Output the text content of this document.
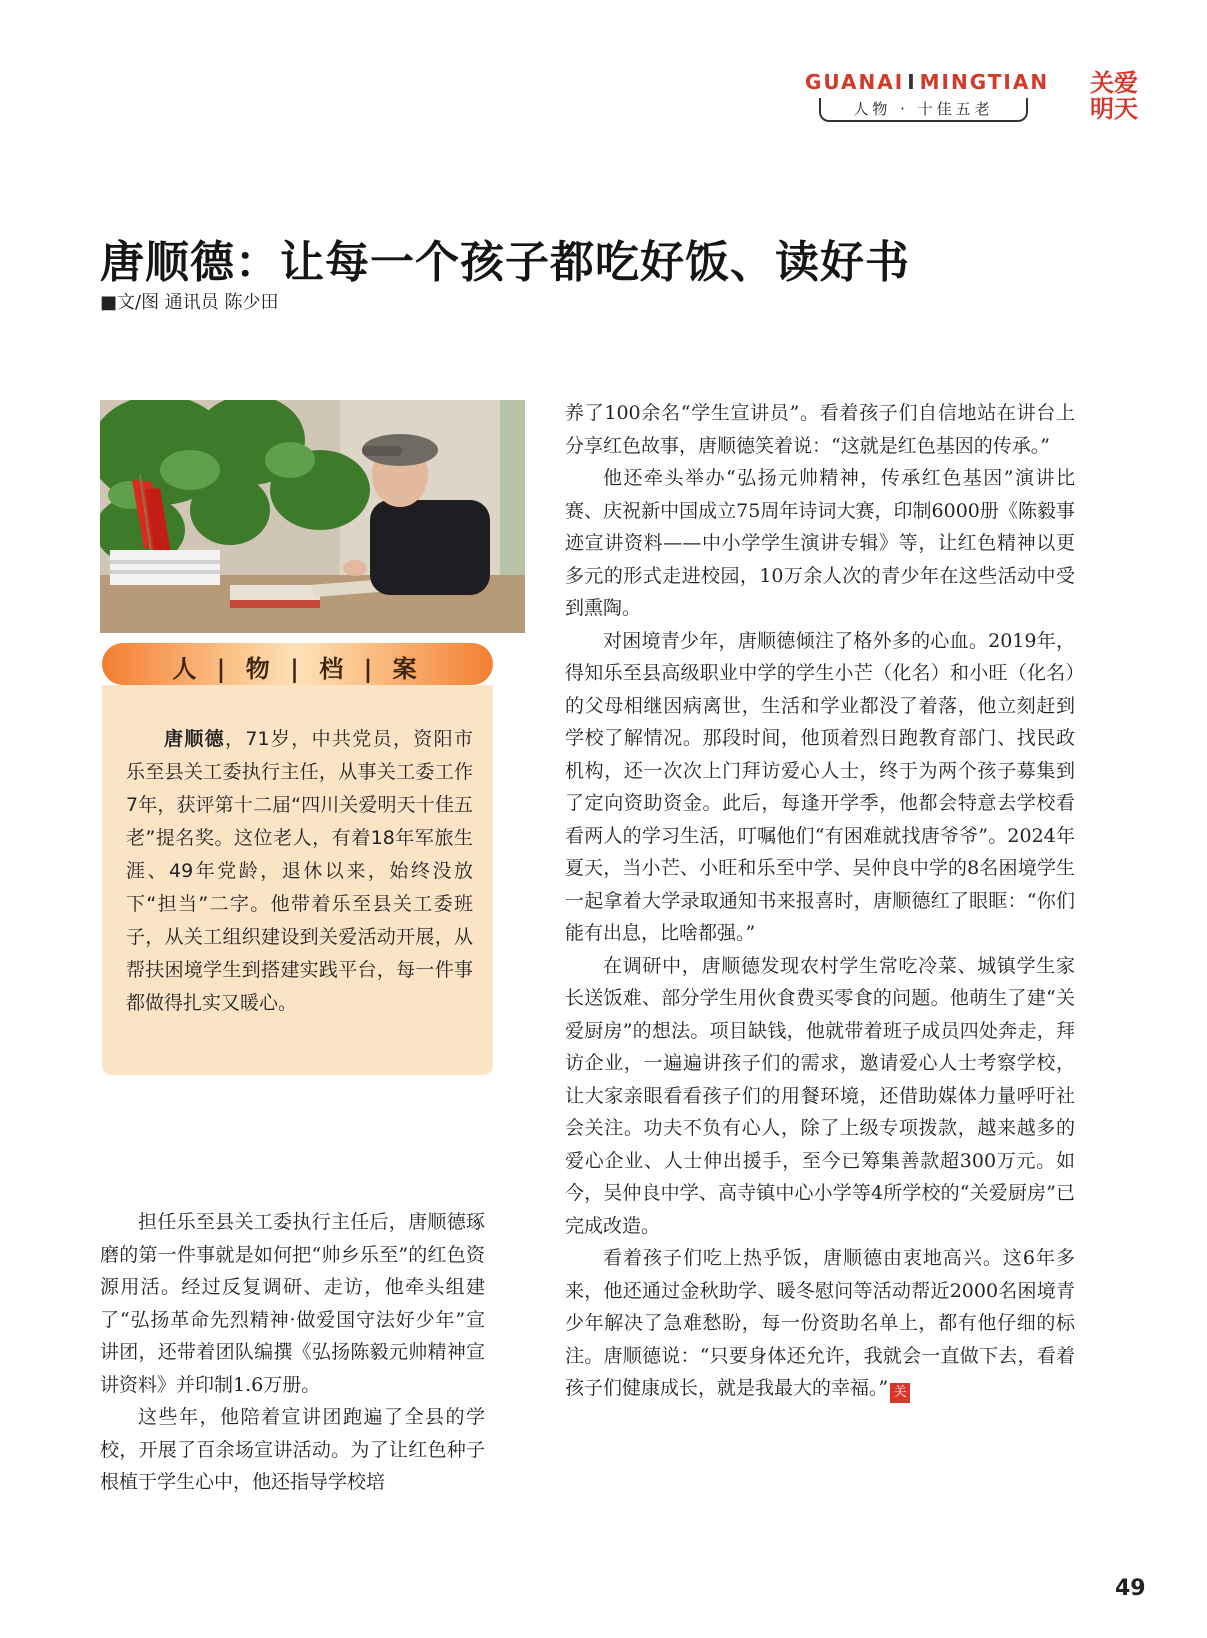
GUANAI I MINGTIAN
人物 · 十佳五老
关爱
明天
唐顺德：让每一个孩子都吃好饭、读好书
■文/图 通讯员 陈少田
人 | 物 | 档 | 案

唐顺德，71岁，中共党员，资阳市乐至县关工委执行主任，从事关工委工作7年，获评第十二届“四川关爱明天十佳五老”提名奖。这位老人，有着18年军旅生涯、49年党龄，退休以来，始终没放下“担当”二字。他带着乐至县关工委班子，从关工组织建设到关爱活动开展，从帮扶困境学生到搭建实践平台，每一件事都做得扎实又暖心。

担任乐至县关工委执行主任后，唐顺德琢磨的第一件事就是如何把“帅乡乐至”的红色资源用活。经过反复调研、走访，他牵头组建了“弘扬革命先烈精神·做爱国守法好少年”宣讲团，还带着团队编撰《弘扬陈毅元帅精神宣讲资料》并印制1.6万册。

这些年，他陪着宣讲团跑遍了全县的学校，开展了百余场宣讲活动。为了让红色种子根植于学生心中，他还指导学校培

养了100余名“学生宣讲员”。看着孩子们自信地站在讲台上分享红色故事，唐顺德笑着说：“这就是红色基因的传承。”

他还牵头举办“弘扬元帅精神，传承红色基因”演讲比赛、庆祝新中国成立75周年诗词大赛，印制6000册《陈毅事迹宣讲资料——中小学学生演讲专辑》等，让红色精神以更多元的形式走进校园，10万余人次的青少年在这些活动中受到熏陶。

对困境青少年，唐顺德倾注了格外多的心血。2019年，得知乐至县高级职业中学的学生小芒（化名）和小旺（化名）的父母相继因病离世，生活和学业都没了着落，他立刻赶到学校了解情况。那段时间，他顶着烈日跑教育部门、找民政机构，还一次次上门拜访爱心人士，终于为两个孩子募集到了定向资助资金。此后，每逢开学季，他都会特意去学校看看两人的学习生活，叮嘱他们“有困难就找唐爷爷”。2024年夏天，当小芒、小旺和乐至中学、吴仲良中学的8名困境学生一起拿着大学录取通知书来报喜时，唐顺德红了眼眶：“你们能有出息，比啥都强。”

在调研中，唐顺德发现农村学生常吃冷菜、城镇学生家长送饭难、部分学生用伙食费买零食的问题。他萌生了建“关爱厨房”的想法。项目缺钱，他就带着班子成员四处奔走，拜访企业，一遍遍讲孩子们的需求，邀请爱心人士考察学校，让大家亲眼看看孩子们的用餐环境，还借助媒体力量呼吁社会关注。功夫不负有心人，除了上级专项拨款，越来越多的爱心企业、人士伸出援手，至今已筹集善款超300万元。如今，吴仲良中学、高寺镇中心小学等4所学校的“关爱厨房”已完成改造。

看着孩子们吃上热乎饭，唐顺德由衷地高兴。这6年多来，他还通过金秋助学、暖冬慰问等活动帮近2000名困境青少年解决了急难愁盼，每一份资助名单上，都有他仔细的标注。唐顺德说：“只要身体还允许，我就会一直做下去，看着孩子们健康成长，就是我最大的幸福。” 关

49
